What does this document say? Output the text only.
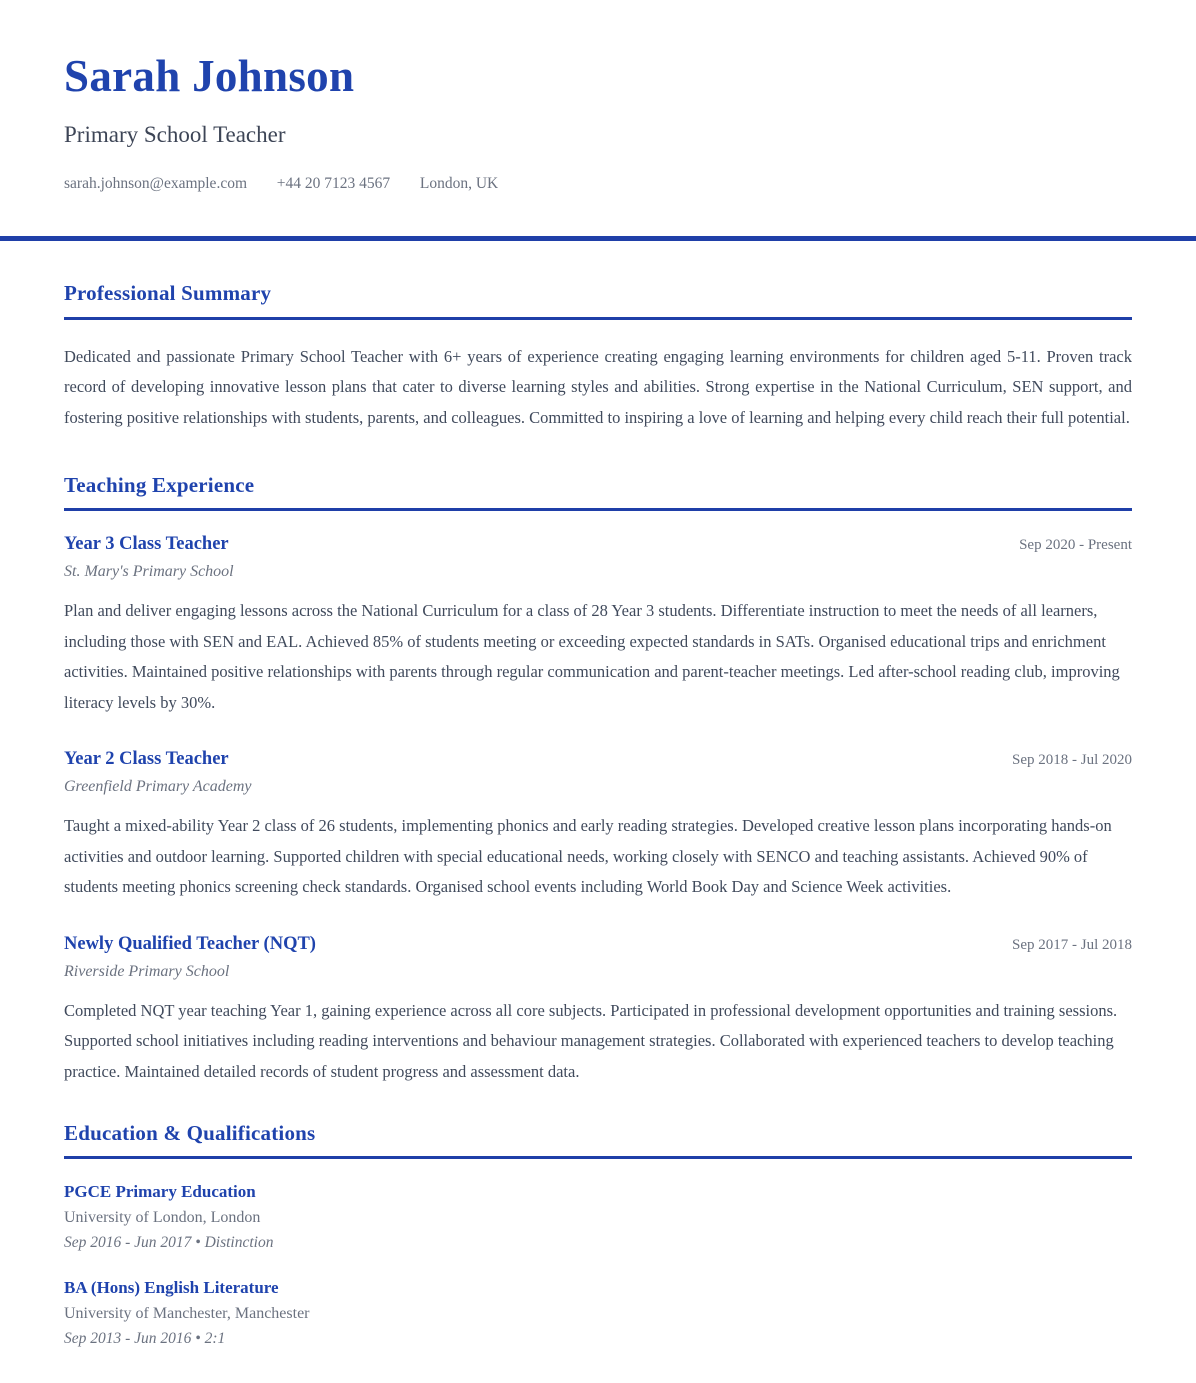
Sarah Johnson
Primary School Teacher
sarah.johnson@example.com +44 20 7123 4567 London, UK
Professional Summary

Dedicated and passionate Primary School Teacher with 6+ years of experience creating engaging learning environments for children aged 5-11. Proven track record of developing innovative lesson plans that cater to diverse learning styles and abilities. Strong expertise in the National Curriculum, SEN support, and fostering positive relationships with students, parents, and colleagues. Committed to inspiring a love of learning and helping every child reach their full potential.

Teaching Experience
Year 3 Class Teacher	Sep 2020 - Present
St. Mary's Primary School

Plan and deliver engaging lessons across the National Curriculum for a class of 28 Year 3 students. Differentiate instruction to meet the needs of all learners, including those with SEN and EAL. Achieved 85% of students meeting or exceeding expected standards in SATs. Organised educational trips and enrichment activities. Maintained positive relationships with parents through regular communication and parent-teacher meetings. Led after-school reading club, improving literacy levels by 30%.

Year 2 Class Teacher	Sep 2018 - Jul 2020
Greenfield Primary Academy

Taught a mixed-ability Year 2 class of 26 students, implementing phonics and early reading strategies. Developed creative lesson plans incorporating hands-on activities and outdoor learning. Supported children with special educational needs, working closely with SENCO and teaching assistants. Achieved 90% of students meeting phonics screening check standards. Organised school events including World Book Day and Science Week activities.

Newly Qualified Teacher (NQT)	Sep 2017 - Jul 2018
Riverside Primary School

Completed NQT year teaching Year 1, gaining experience across all core subjects. Participated in professional development opportunities and training sessions. Supported school initiatives including reading interventions and behaviour management strategies. Collaborated with experienced teachers to develop teaching practice. Maintained detailed records of student progress and assessment data.

Education & Qualifications
PGCE Primary Education
University of London, London
Sep 2016 - Jun 2017 • Distinction
BA (Hons) English Literature
University of Manchester, Manchester
Sep 2013 - Jun 2016 • 2:1
